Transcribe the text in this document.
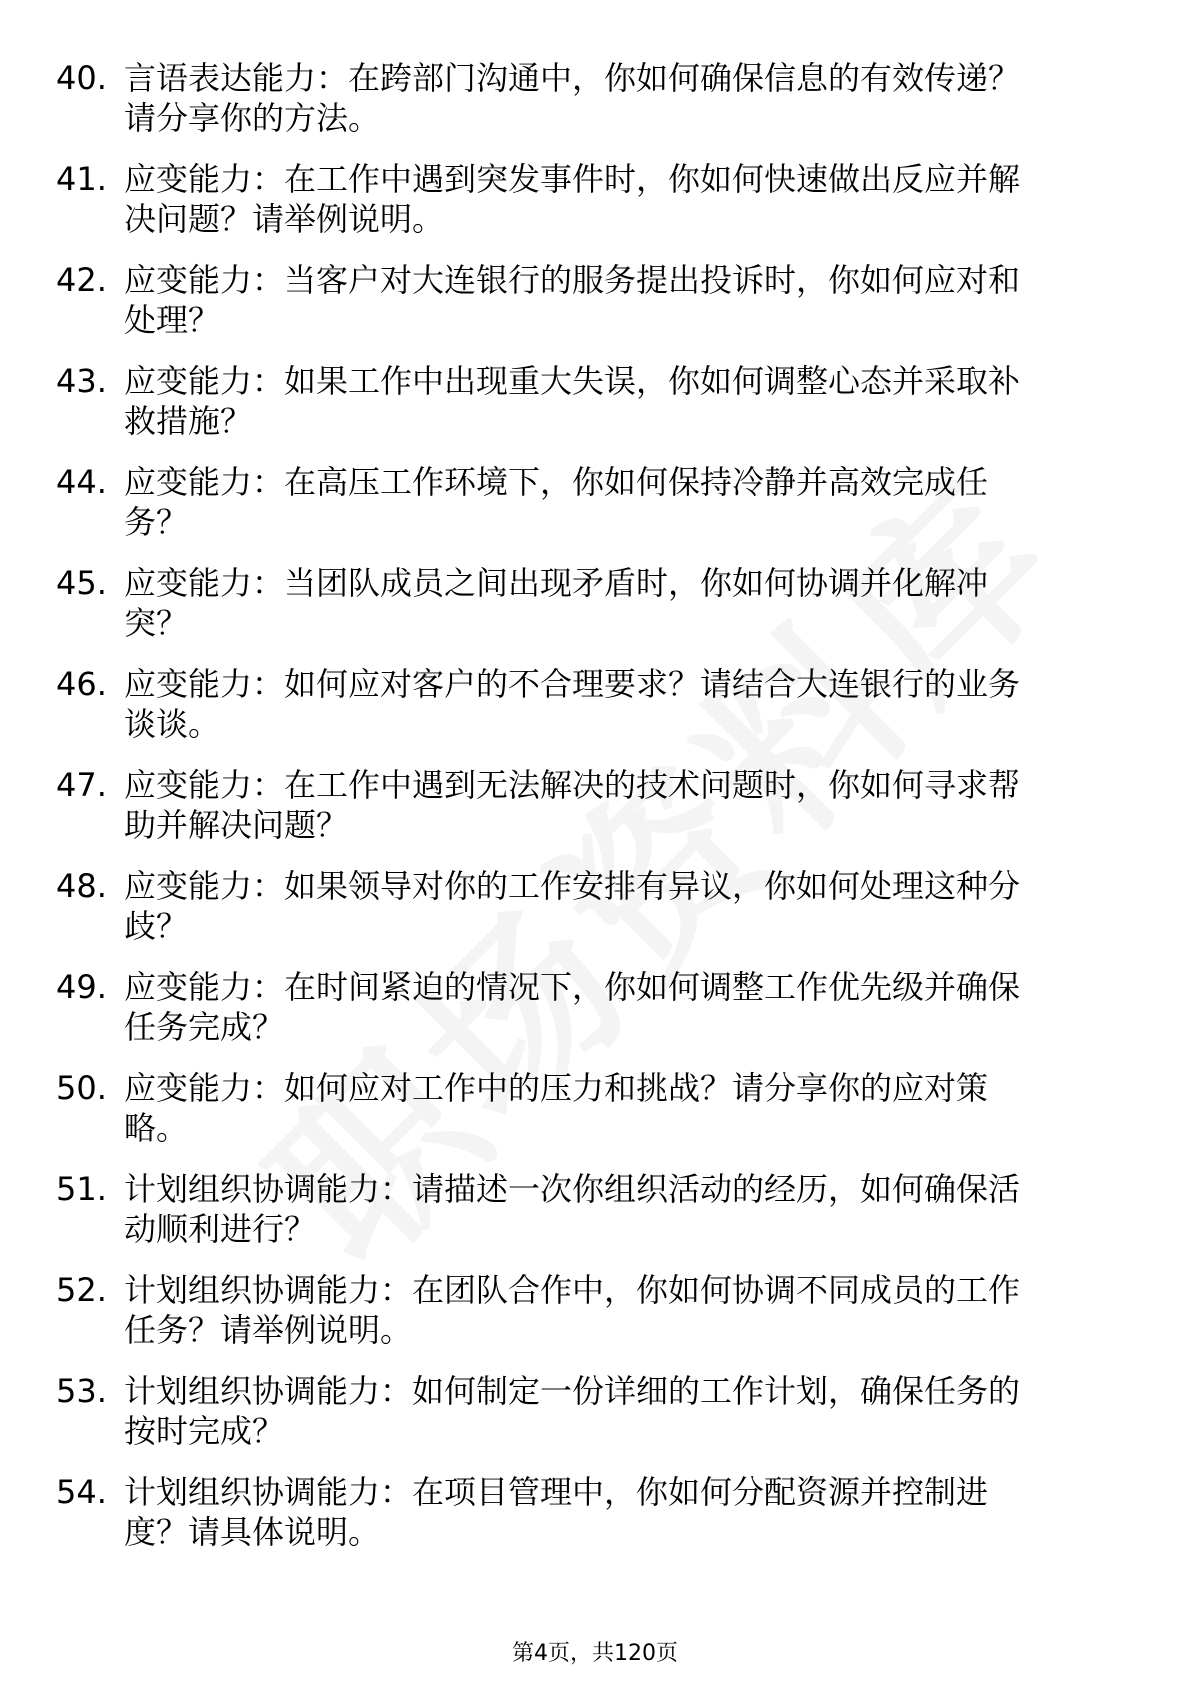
40. 言语表达能力：在跨部门沟通中，你如何确保信息的有效传递？
请分享你的方法。
41. 应变能力：在工作中遇到突发事件时，你如何快速做出反应并解
决问题？请举例说明。
42. 应变能力：当客户对大连银行的服务提出投诉时，你如何应对和
处理？
43. 应变能力：如果工作中出现重大失误，你如何调整心态并采取补
救措施？
44. 应变能力：在高压工作环境下，你如何保持冷静并高效完成任
务？
45. 应变能力：当团队成员之间出现矛盾时，你如何协调并化解冲
突？
46. 应变能力：如何应对客户的不合理要求？请结合大连银行的业务
谈谈。
47. 应变能力：在工作中遇到无法解决的技术问题时，你如何寻求帮
助并解决问题？
48. 应变能力：如果领导对你的工作安排有异议，你如何处理这种分
歧？
49. 应变能力：在时间紧迫的情况下，你如何调整工作优先级并确保
任务完成？
50. 应变能力：如何应对工作中的压力和挑战？请分享你的应对策
略。
51. 计划组织协调能力：请描述一次你组织活动的经历，如何确保活
动顺利进行？
52. 计划组织协调能力：在团队合作中，你如何协调不同成员的工作
任务？请举例说明。
53. 计划组织协调能力：如何制定一份详细的工作计划，确保任务的
按时完成？
54. 计划组织协调能力：在项目管理中，你如何分配资源并控制进
度？请具体说明。
第4页，共120页
